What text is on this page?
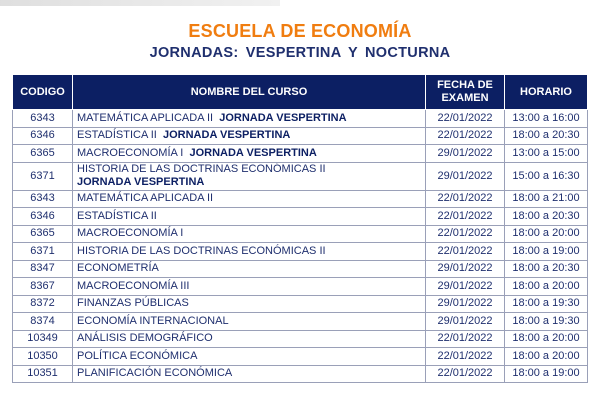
ESCUELA DE ECONOMÍA
JORNADAS: VESPERTINA Y NOCTURNA
CODIGO	NOMBRE DEL CURSO	FECHA DE EXAMEN	HORARIO
6343	MATEMÁTICA APLICADA II  JORNADA VESPERTINA	22/01/2022	13:00 a 16:00
6346	ESTADÍSTICA II  JORNADA VESPERTINA	22/01/2022	18:00 a 20:30
6365	MACROECONOMÍA I  JORNADA VESPERTINA	29/01/2022	13:00 a 15:00
6371	HISTORIA DE LAS DOCTRINAS ECONÓMICAS II
JORNADA VESPERTINA	29/01/2022	15:00 a 16:30
6343	MATEMÁTICA APLICADA II	22/01/2022	18:00 a 21:00
6346	ESTADÍSTICA II	22/01/2022	18:00 a 20:30
6365	MACROECONOMÍA I	22/01/2022	18:00 a 20:00
6371	HISTORIA DE LAS DOCTRINAS ECONÓMICAS II	22/01/2022	18:00 a 19:00
8347	ECONOMETRÍA	29/01/2022	18:00 a 20:30
8367	MACROECONOMÍA III	29/01/2022	18:00 a 20:00
8372	FINANZAS PÚBLICAS	29/01/2022	18:00 a 19:30
8374	ECONOMÍA INTERNACIONAL	29/01/2022	18:00 a 19:30
10349	ANÁLISIS DEMOGRÁFICO	22/01/2022	18:00 a 20:00
10350	POLÍTICA ECONÓMICA	22/01/2022	18:00 a 20:00
10351	PLANIFICACIÓN ECONÓMICA	22/01/2022	18:00 a 19:00
